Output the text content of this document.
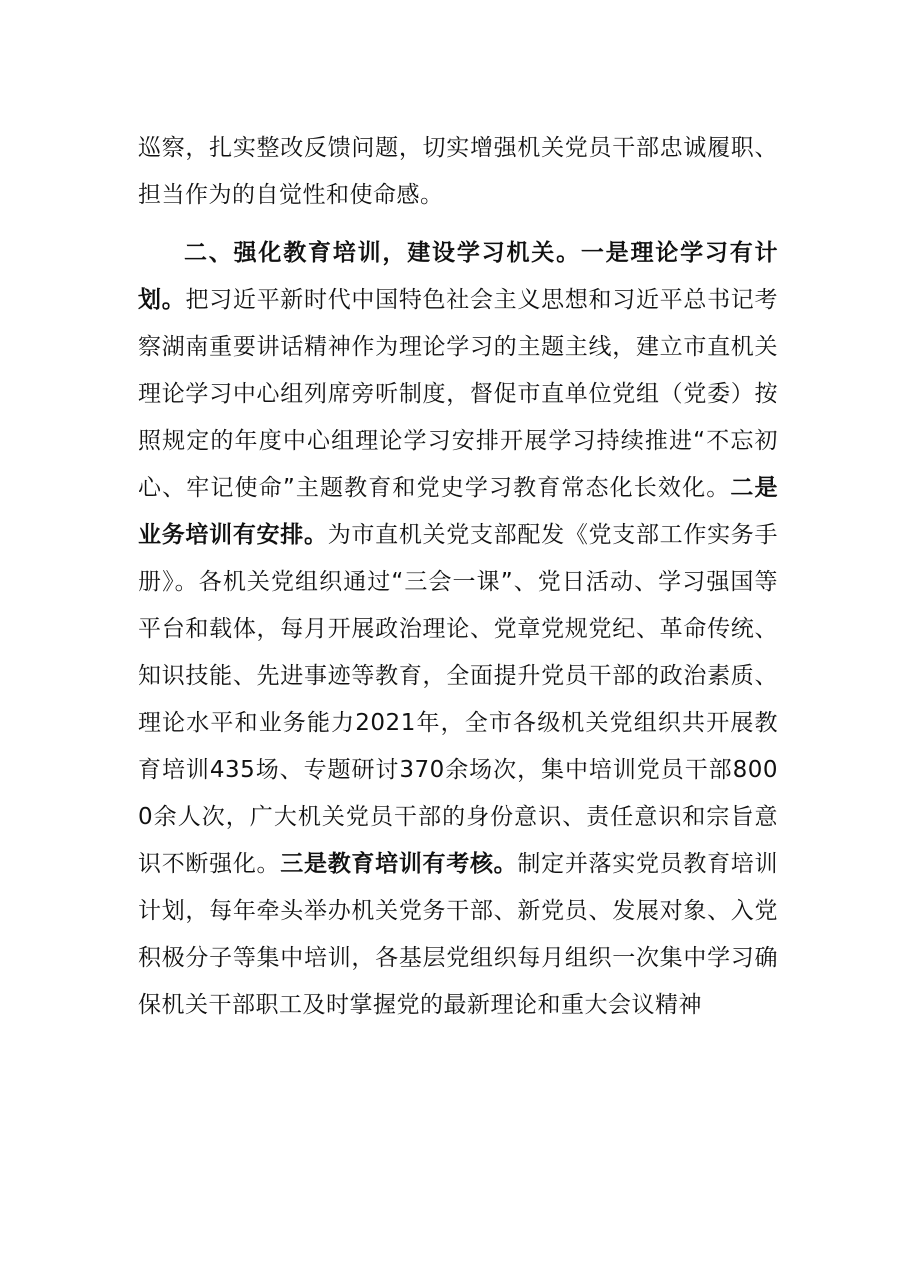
巡察，扎实整改反馈问题，切实增强机关党员干部忠诚履职、担当作为的自觉性和使命感。

二、强化教育培训，建设学习机关。一是理论学习有计划。把习近平新时代中国特色社会主义思想和习近平总书记考察湖南重要讲话精神作为理论学习的主题主线，建立市直机关理论学习中心组列席旁听制度，督促市直单位党组（党委）按照规定的年度中心组理论学习安排开展学习持续推进“不忘初心、牢记使命”主题教育和党史学习教育常态化长效化。二是业务培训有安排。为市直机关党支部配发《党支部工作实务手册》。各机关党组织通过“三会一课”、党日活动、学习强国等平台和载体，每月开展政治理论、党章党规党纪、革命传统、知识技能、先进事迹等教育，全面提升党员干部的政治素质、理论水平和业务能力2021年，全市各级机关党组织共开展教育培训435场、专题研讨370余场次，集中培训党员干部8000余人次，广大机关党员干部的身份意识、责任意识和宗旨意识不断强化。三是教育培训有考核。制定并落实党员教育培训计划，每年牵头举办机关党务干部、新党员、发展对象、入党积极分子等集中培训，各基层党组织每月组织一次集中学习确保机关干部职工及时掌握党的最新理论和重大会议精神
